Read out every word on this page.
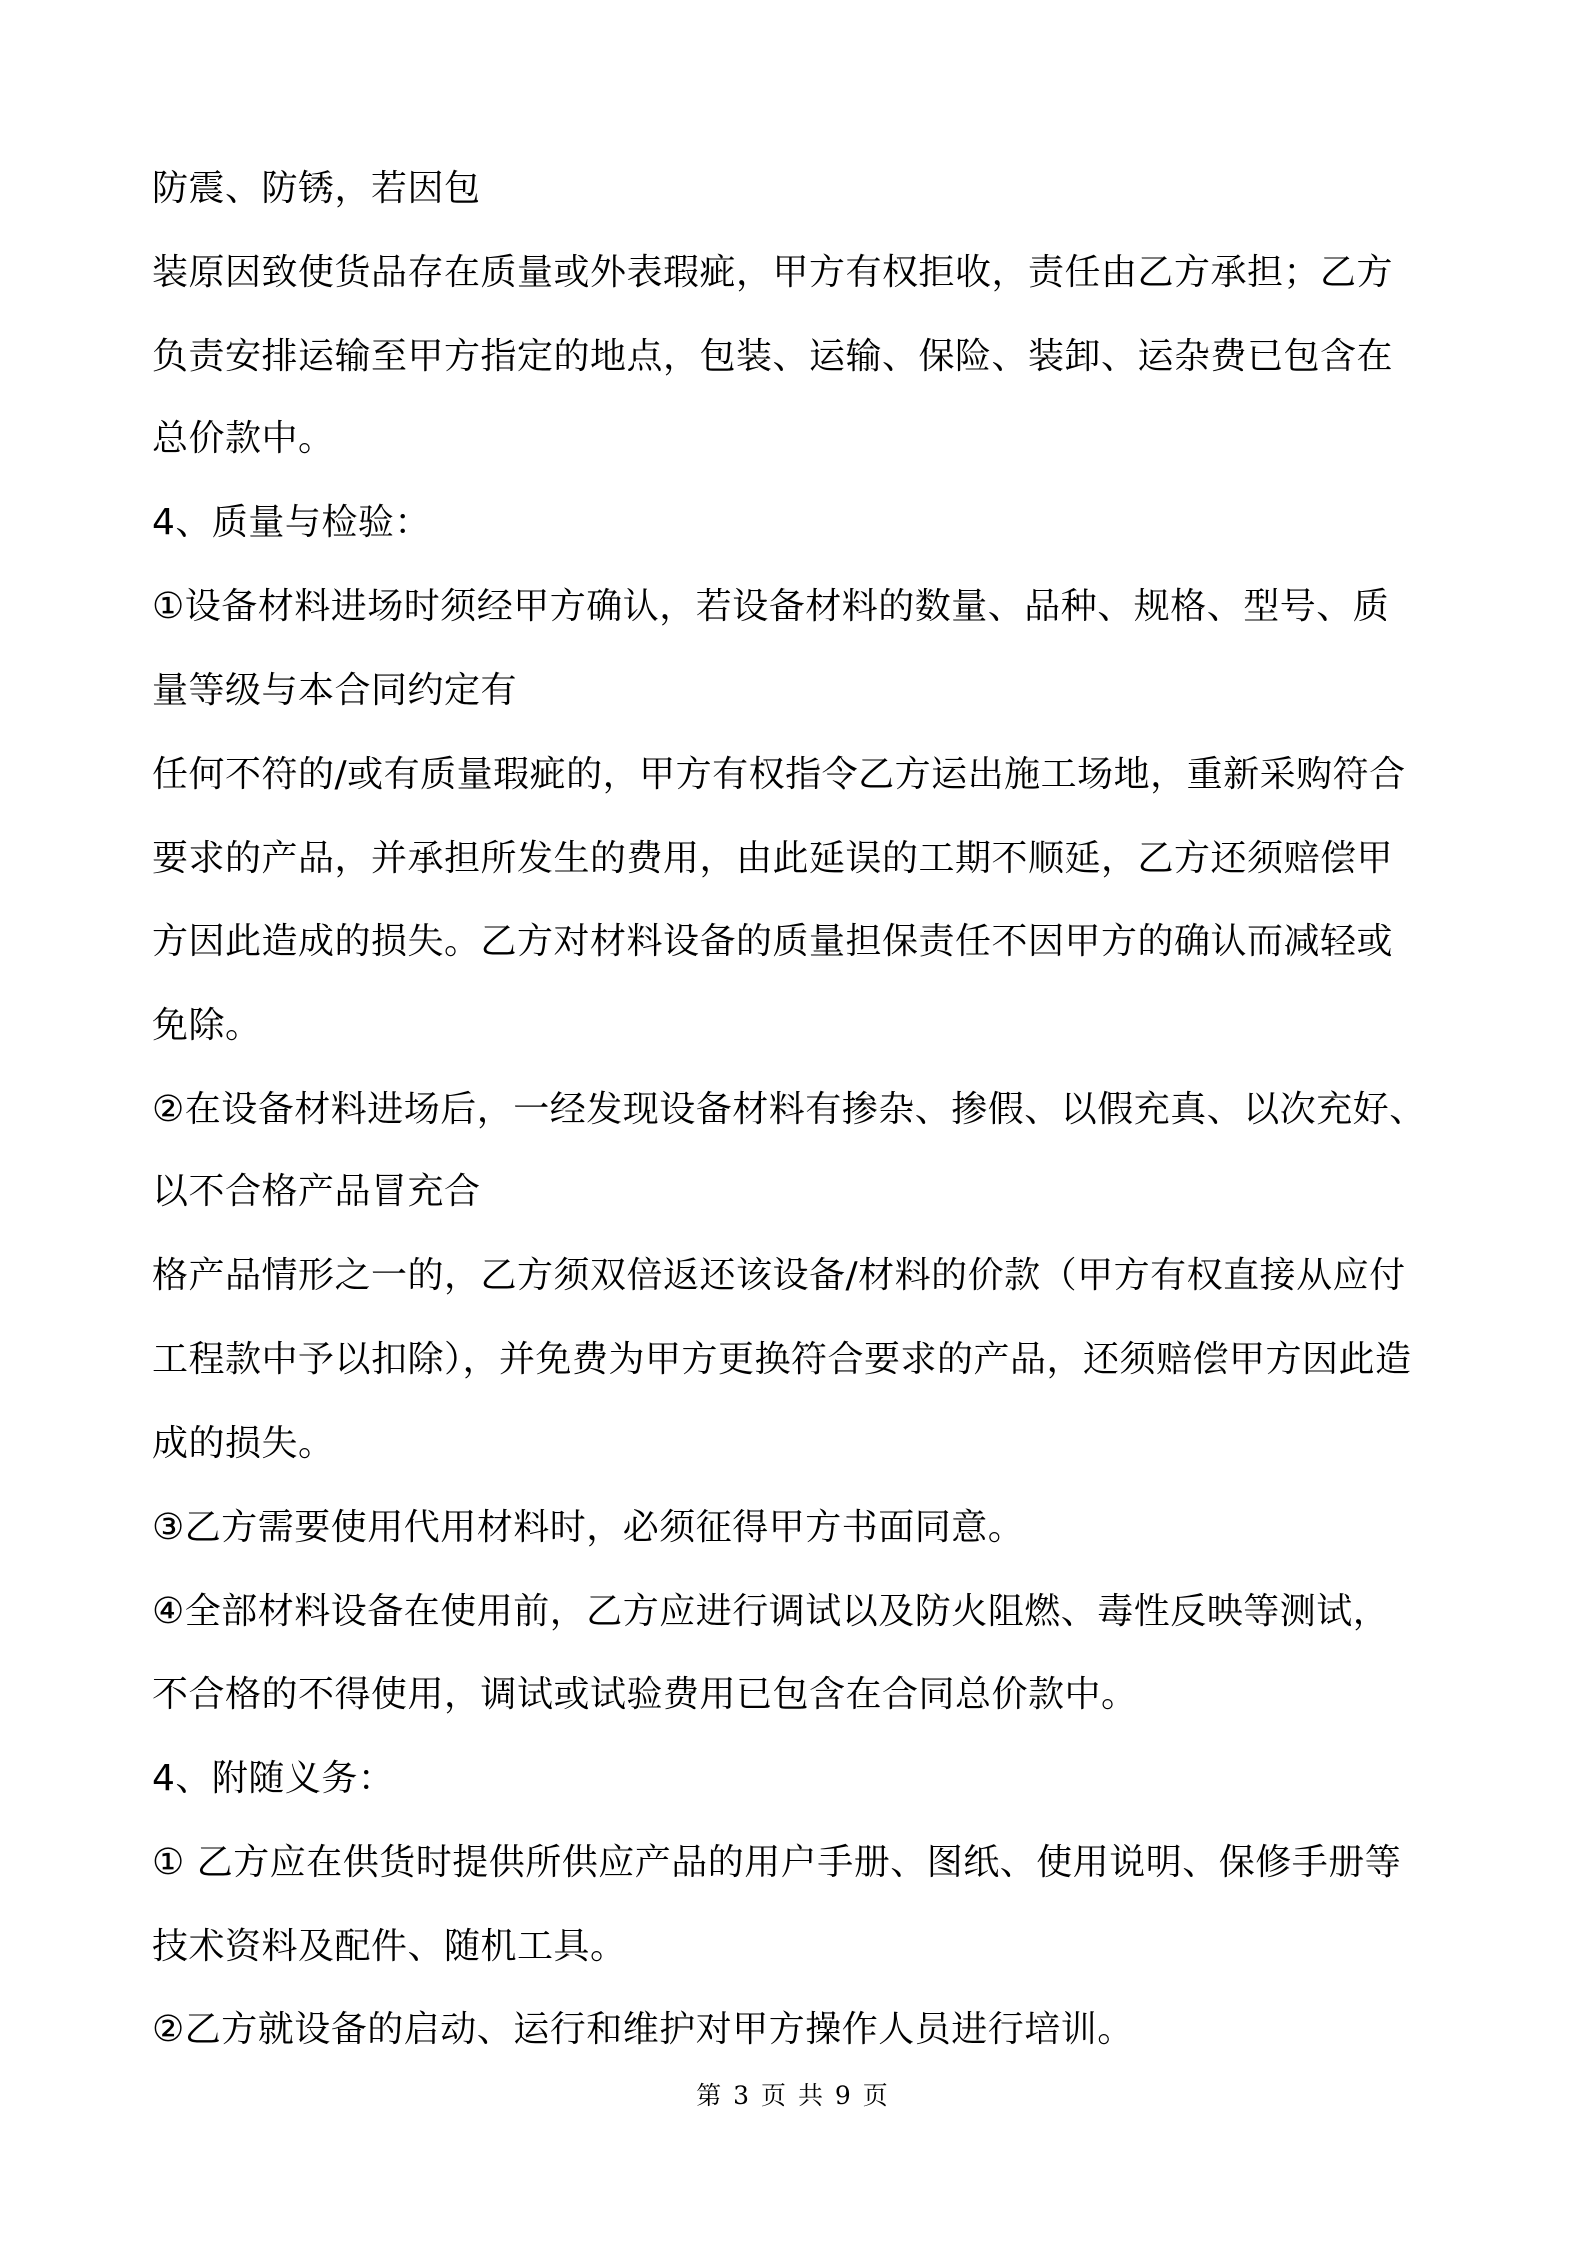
防震、防锈，若因包
装原因致使货品存在质量或外表瑕疵，甲方有权拒收，责任由乙方承担；乙方
负责安排运输至甲方指定的地点，包装、运输、保险、装卸、运杂费已包含在
总价款中。
4、质量与检验：
①设备材料进场时须经甲方确认，若设备材料的数量、品种、规格、型号、质
量等级与本合同约定有
任何不符的/或有质量瑕疵的，甲方有权指令乙方运出施工场地，重新采购符合
要求的产品，并承担所发生的费用，由此延误的工期不顺延，乙方还须赔偿甲
方因此造成的损失。乙方对材料设备的质量担保责任不因甲方的确认而减轻或
免除。
②在设备材料进场后，一经发现设备材料有掺杂、掺假、以假充真、以次充好、
以不合格产品冒充合
格产品情形之一的，乙方须双倍返还该设备/材料的价款（甲方有权直接从应付
工程款中予以扣除），并免费为甲方更换符合要求的产品，还须赔偿甲方因此造
成的损失。
③乙方需要使用代用材料时，必须征得甲方书面同意。
④全部材料设备在使用前，乙方应进行调试以及防火阻燃、毒性反映等测试，
不合格的不得使用，调试或试验费用已包含在合同总价款中。
4、附随义务：
① 乙方应在供货时提供所供应产品的用户手册、图纸、使用说明、保修手册等
技术资料及配件、随机工具。
②乙方就设备的启动、运行和维护对甲方操作人员进行培训。
第 3 页 共 9 页
